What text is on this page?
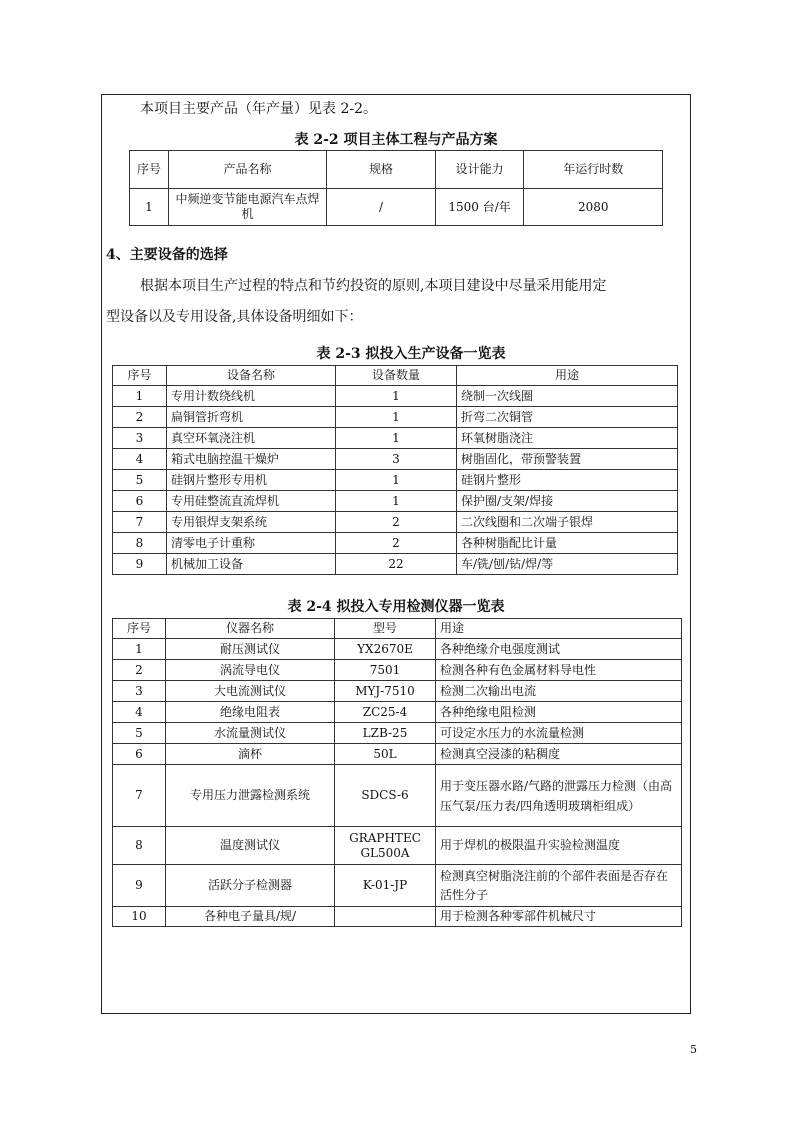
本项目主要产品（年产量）见表 2-2。
表 2-2 项目主体工程与产品方案
序号	产品名称	规格	设计能力	年运行时数
1	中频逆变节能电源汽车点焊机	/	1500 台/年	2080
4、主要设备的选择
根据本项目生产过程的特点和节约投资的原则,本项目建设中尽量采用能用定
型设备以及专用设备,具体设备明细如下：
表 2-3 拟投入生产设备一览表
序号	设备名称	设备数量	用途
1	专用计数绕线机	1	绕制一次线圈
2	扁铜管折弯机	1	折弯二次铜管
3	真空环氧浇注机	1	环氧树脂浇注
4	箱式电脑控温干燥炉	3	树脂固化，带预警装置
5	硅钢片整形专用机	1	硅钢片整形
6	专用硅整流直流焊机	1	保护圈/支架/焊接
7	专用银焊支架系统	2	二次线圈和二次端子银焊
8	清零电子计重称	2	各种树脂配比计量
9	机械加工设备	22	车/铣/刨/钻/焊/等
表 2-4 拟投入专用检测仪器一览表
序号	仪器名称	型号	用途
1	耐压测试仪	YX2670E	各种绝缘介电强度测试
2	涡流导电仪	7501	检测各种有色金属材料导电性
3	大电流测试仪	MYJ-7510	检测二次输出电流
4	绝缘电阻表	ZC25-4	各种绝缘电阻检测
5	水流量测试仪	LZB-25	可设定水压力的水流量检测
6	滴杯	50L	检测真空浸漆的粘稠度
7	专用压力泄露检测系统	SDCS-6	用于变压器水路/气路的泄露压力检测（由高压气泵/压力表/四角透明玻璃柜组成）
8	温度测试仪	GRAPHTEC GL500A	用于焊机的极限温升实验检测温度
9	活跃分子检测器	K-01-JP	检测真空树脂浇注前的个部件表面是否存在活性分子
10	各种电子量具/规/		用于检测各种零部件机械尺寸
5
